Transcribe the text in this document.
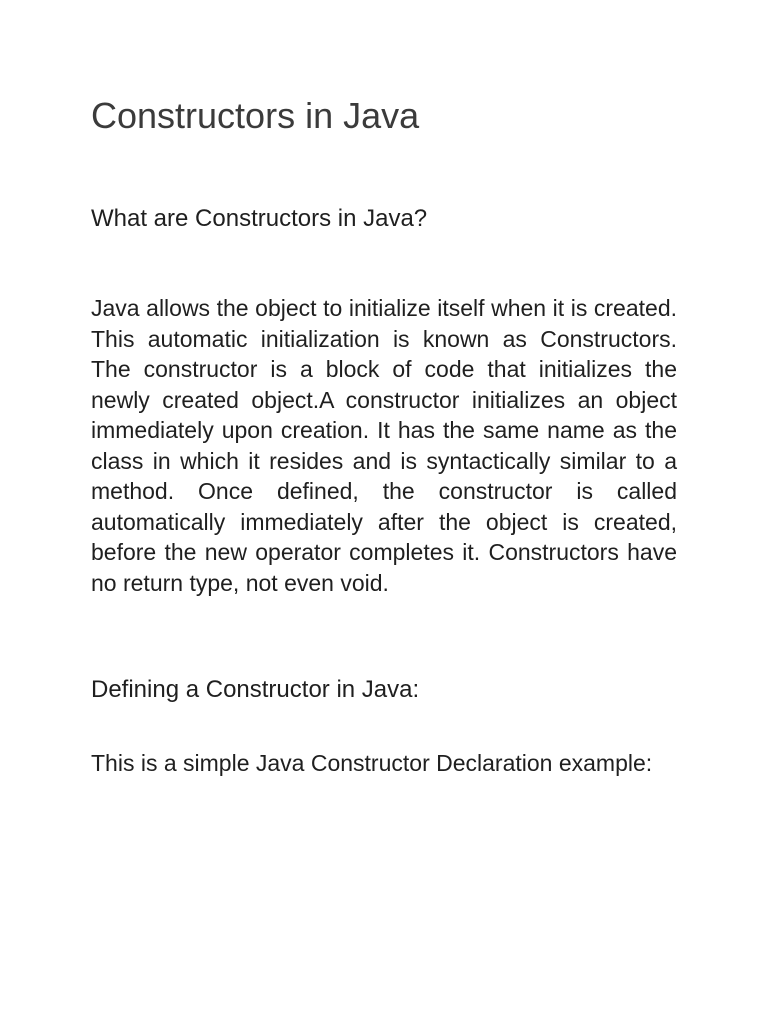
Constructors in Java
What are Constructors in Java?

Java allows the object to initialize itself when it is created. This automatic initialization is known as Constructors. The constructor is a block of code that initializes the newly created object.A constructor initializes an object immediately upon creation. It has the same name as the class in which it resides and is syntactically similar to a method. Once defined, the constructor is called automatically immediately after the object is created, before the new operator completes it. Constructors have no return type, not even void.

Defining a Constructor in Java:

This is a simple Java Constructor Declaration example:
